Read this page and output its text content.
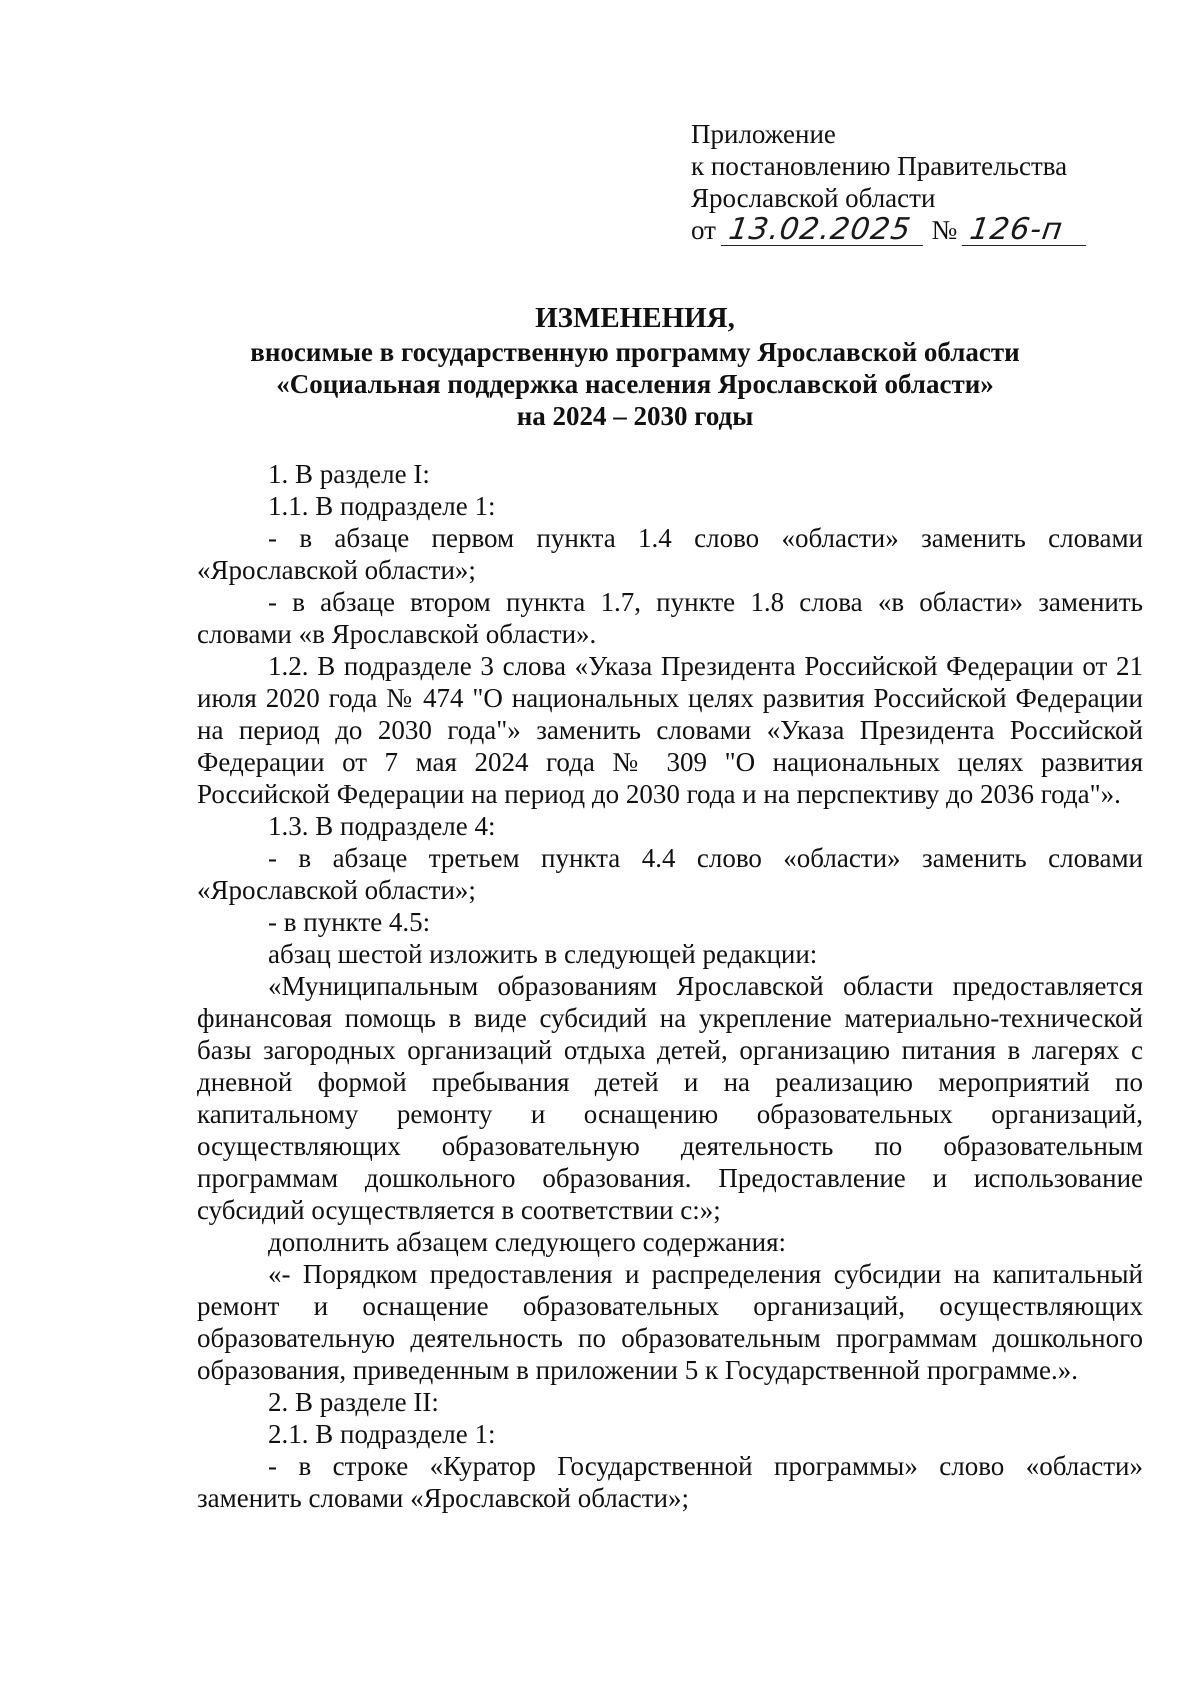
Приложение
к постановлению Правительства
Ярославской области
от 13.02.2025 № 126-п
ИЗМЕНЕНИЯ,
вносимые в государственную программу Ярославской области
«Социальная поддержка населения Ярославской области»
на 2024 – 2030 годы

1. В разделе I:

1.1. В подразделе 1:

- в абзаце первом пункта 1.4 слово «области» заменить словами «Ярославской области»;

- в абзаце втором пункта 1.7, пункте 1.8 слова «в области» заменить словами «в Ярославской области».

1.2. В подразделе 3 слова «Указа Президента Российской Федерации от 21 июля 2020 года № 474 "О национальных целях развития Российской Федерации на период до 2030 года"» заменить словами «Указа Президента Российской Федерации от 7 мая 2024 года № 309 "О национальных целях развития Российской Федерации на период до 2030 года и на перспективу до 2036 года"».

1.3. В подразделе 4:

- в абзаце третьем пункта 4.4 слово «области» заменить словами «Ярославской области»;

- в пункте 4.5:

абзац шестой изложить в следующей редакции:

«Муниципальным образованиям Ярославской области предоставляется финансовая помощь в виде субсидий на укрепление материально-технической базы загородных организаций отдыха детей, организацию питания в лагерях с дневной формой пребывания детей и на реализацию мероприятий по капитальному ремонту и оснащению образовательных организаций, осуществляющих образовательную деятельность по образовательным программам дошкольного образования. Предоставление и использование субсидий осуществляется в соответствии с:»;

дополнить абзацем следующего содержания:

«- Порядком предоставления и распределения субсидии на капитальный ремонт и оснащение образовательных организаций, осуществляющих образовательную деятельность по образовательным программам дошкольного образования, приведенным в приложении 5 к Государственной программе.».

2. В разделе II:

2.1. В подразделе 1:

- в строке «Куратор Государственной программы» слово «области» заменить словами «Ярославской области»;
